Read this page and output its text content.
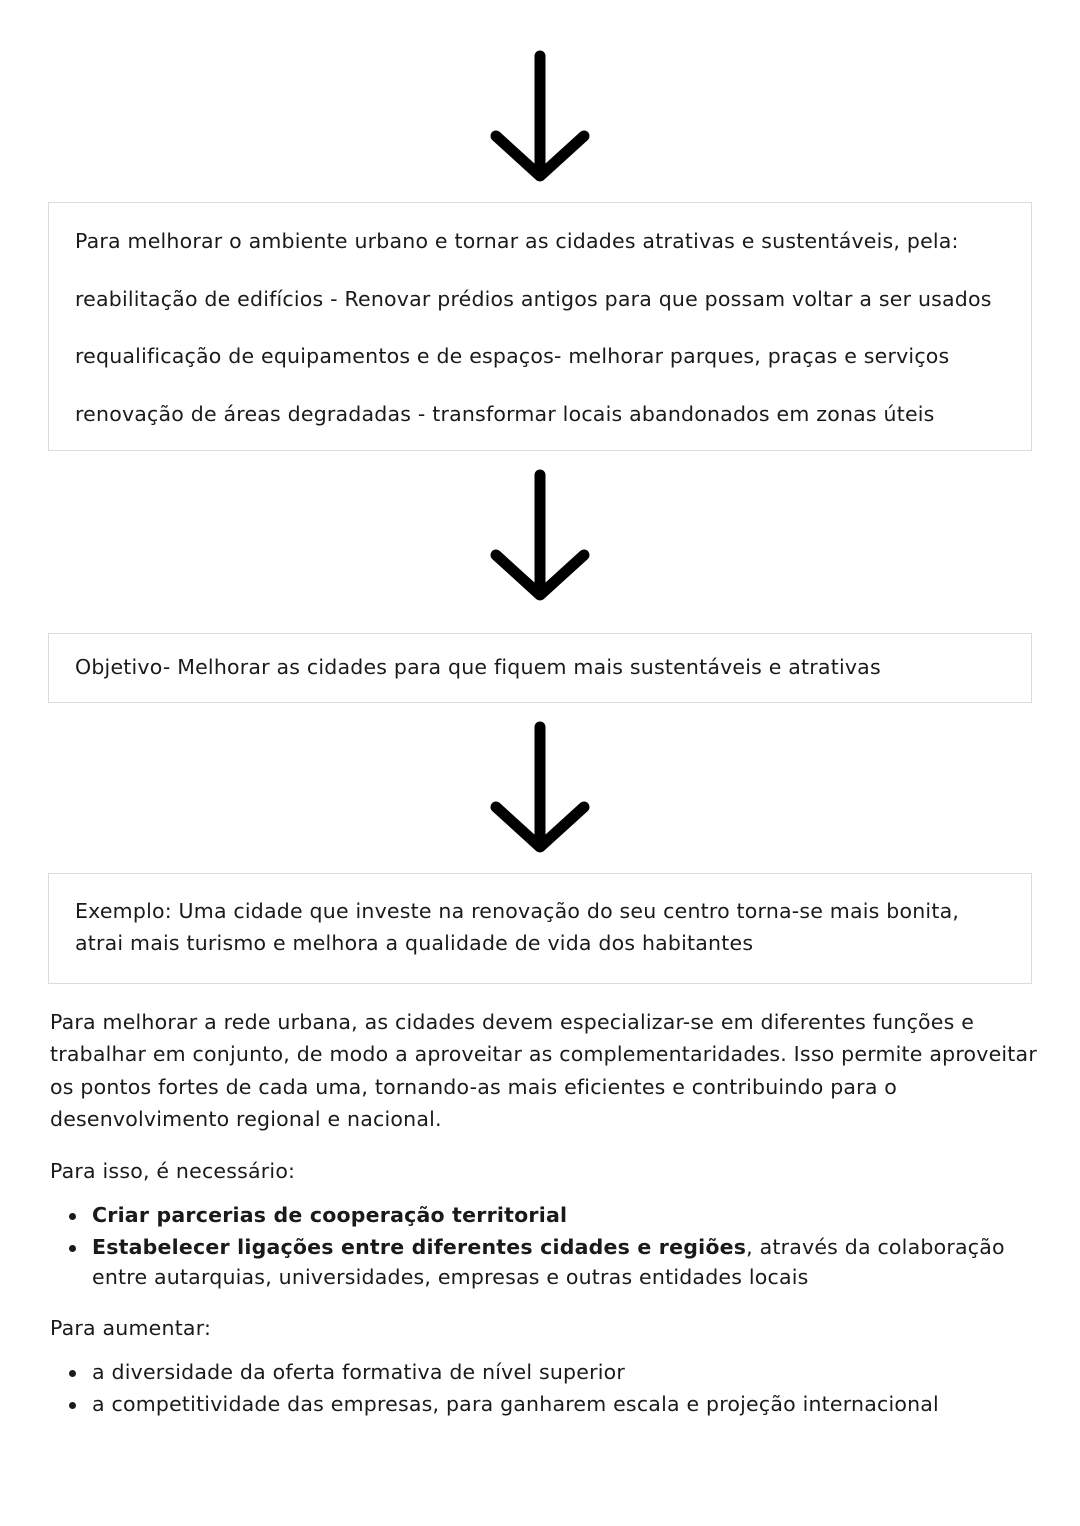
Para melhorar o ambiente urbano e tornar as cidades atrativas e sustentáveis, pela:

reabilitação de edifícios - Renovar prédios antigos para que possam voltar a ser usados

requalificação de equipamentos e de espaços- melhorar parques, praças e serviços

renovação de áreas degradadas - transformar locais abandonados em zonas úteis

Objetivo- Melhorar as cidades para que fiquem mais sustentáveis e atrativas

Exemplo: Uma cidade que investe na renovação do seu centro torna-se mais bonita, atrai mais turismo e melhora a qualidade de vida dos habitantes

Para melhorar a rede urbana, as cidades devem especializar-se em diferentes funções e trabalhar em conjunto, de modo a aproveitar as complementaridades. Isso permite aproveitar os pontos fortes de cada uma, tornando-as mais eficientes e contribuindo para o desenvolvimento regional e nacional.

Para isso, é necessário:

Criar parcerias de cooperação territorial
Estabelecer ligações entre diferentes cidades e regiões, através da colaboração entre autarquias, universidades, empresas e outras entidades locais

Para aumentar:

a diversidade da oferta formativa de nível superior
a competitividade das empresas, para ganharem escala e projeção internacional
